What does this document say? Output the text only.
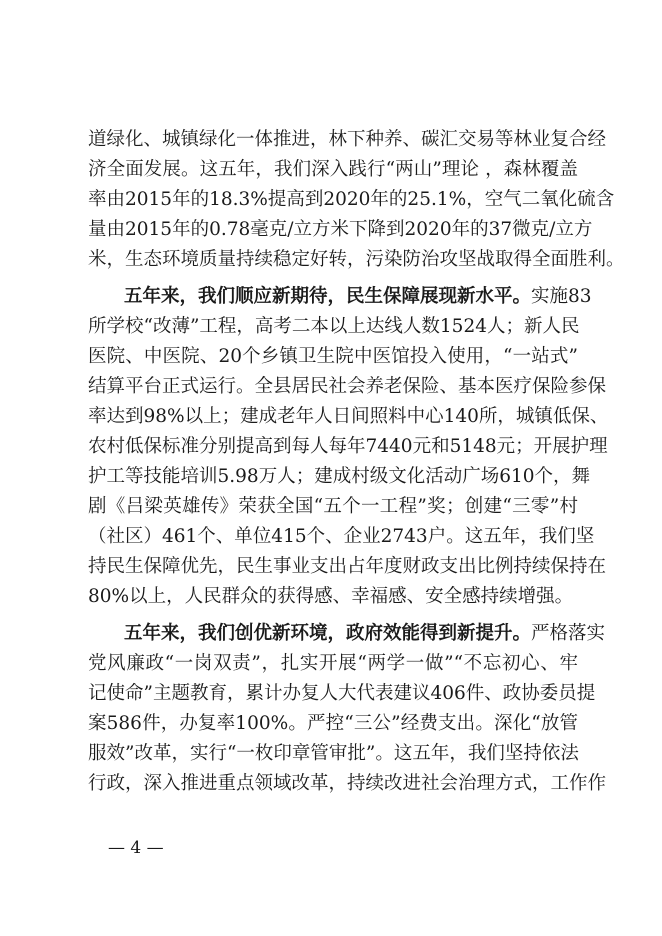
道绿化、城镇绿化一体推进，林下种养、碳汇交易等林业复合经
济全面发展。这五年，我们深入践行“两山”理论 ，森林覆盖
率由2015年的18.3%提高到2020年的25.1%，空气二氧化硫含
量由2015年的0.78毫克/立方米下降到2020年的37微克/立方
米，生态环境质量持续稳定好转，污染防治攻坚战取得全面胜利。
五年来，我们顺应新期待，民生保障展现新水平。实施83
所学校“改薄”工程，高考二本以上达线人数1524人；新人民
医院、中医院、20个乡镇卫生院中医馆投入使用，“一站式”
结算平台正式运行。全县居民社会养老保险、基本医疗保险参保
率达到98%以上；建成老年人日间照料中心140所，城镇低保、
农村低保标准分别提高到每人每年7440元和5148元；开展护理
护工等技能培训5.98万人；建成村级文化活动广场610个，舞
剧《吕梁英雄传》荣获全国“五个一工程”奖；创建“三零”村
（社区）461个、单位415个、企业2743户。这五年，我们坚
持民生保障优先，民生事业支出占年度财政支出比例持续保持在
80%以上，人民群众的获得感、幸福感、安全感持续增强。
五年来，我们创优新环境，政府效能得到新提升。严格落实
党风廉政“一岗双责”，扎实开展“两学一做”“不忘初心、牢
记使命”主题教育，累计办复人大代表建议406件、政协委员提
案586件，办复率100%。严控“三公”经费支出。深化“放管
服效”改革，实行“一枚印章管审批”。这五年，我们坚持依法
行政，深入推进重点领域改革，持续改进社会治理方式，工作作
— 4 —
